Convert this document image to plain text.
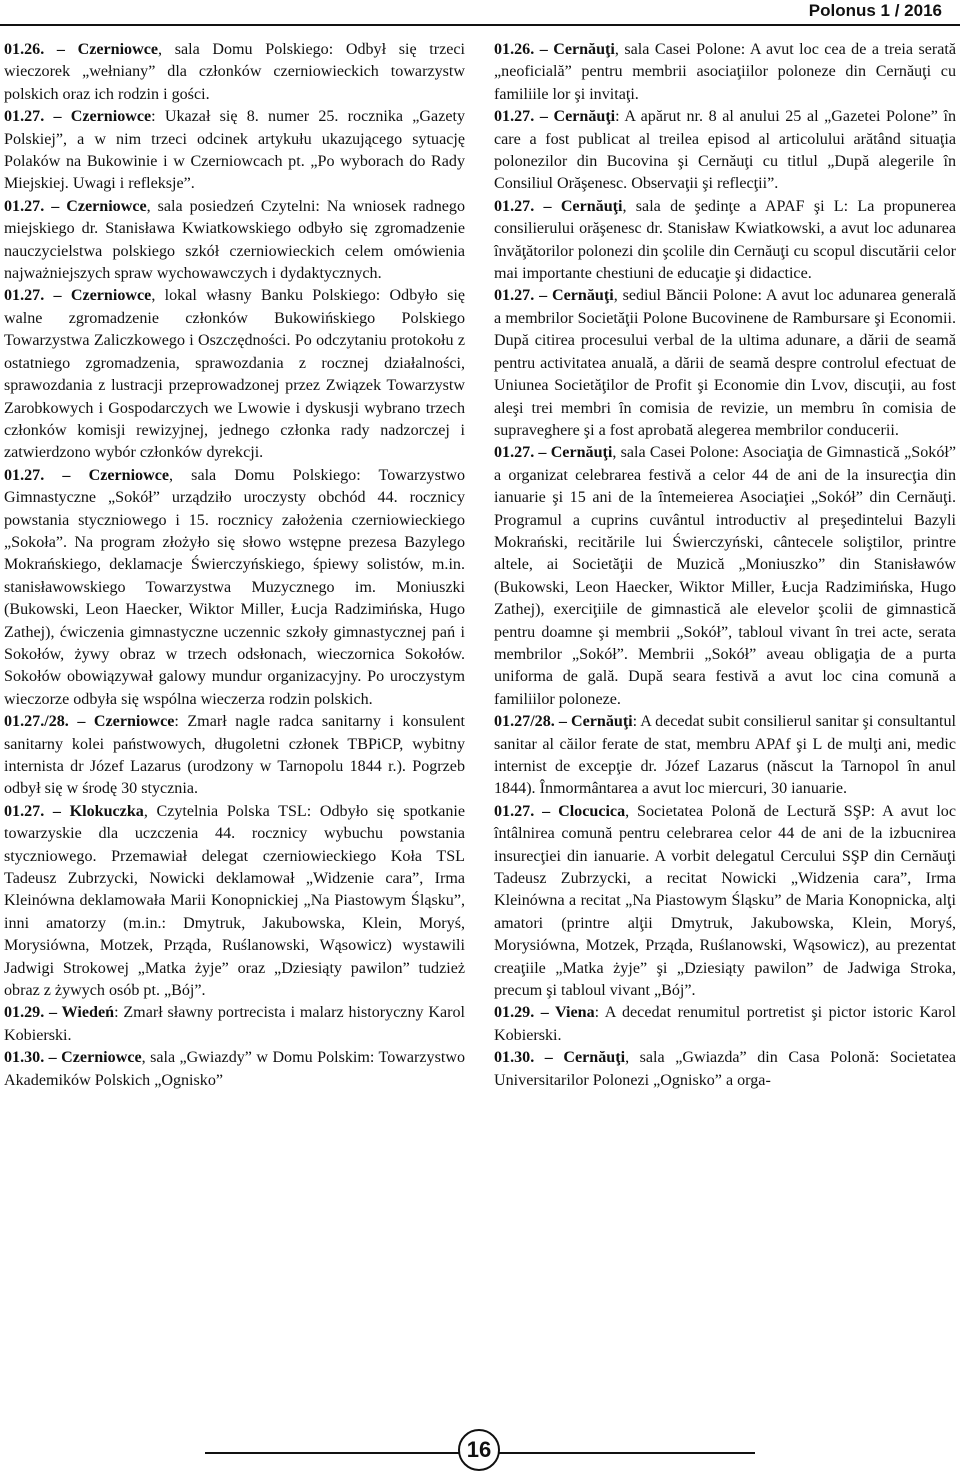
Polonus 1 / 2016

01.26. – Czerniowce, sala Domu Polskiego: Odbył się trzeci wieczorek „wełniany” dla członków czerniowieckich towarzystw polskich oraz ich rodzin i gości.

01.27. – Czerniowce: Ukazał się 8. numer 25. rocznika „Gazety Polskiej”, a w nim trzeci odcinek artykułu ukazującego sytuację Polaków na Bukowinie i w Czerniowcach pt. „Po wyborach do Rady Miejskiej. Uwagi i refleksje”.

01.27. – Czerniowce, sala posiedzeń Czytelni: Na wniosek radnego miejskiego dr. Stanisława Kwiatkowskiego odbyło się zgromadzenie nauczycielstwa polskiego szkół czerniowieckich celem omówienia najważniejszych spraw wychowawczych i dydaktycznych.

01.27. – Czerniowce, lokal własny Banku Polskiego: Odbyło się walne zgromadzenie członków Bukowińskiego Polskiego Towarzystwa Zaliczkowego i Oszczędności. Po odczytaniu protokołu z ostatniego zgromadzenia, sprawozdania z rocznej działalności, sprawozdania z lustracji przeprowadzonej przez Związek Towarzystw Zarobkowych i Gospodarczych we Lwowie i dyskusji wybrano trzech członków komisji rewizyjnej, jednego członka rady nadzorczej i zatwierdzono wybór członków dyrekcji.

01.27. – Czerniowce, sala Domu Polskiego: Towarzystwo Gimnastyczne „Sokół” urządziło uroczysty obchód 44. rocznicy powstania styczniowego i 15. rocznicy założenia czerniowieckiego „Sokoła”. Na program złożyło się słowo wstępne prezesa Bazylego Mokrańskiego, deklamacje Świerczyńskiego, śpiewy solistów, m.in. stanisławowskiego Towarzystwa Muzycznego im. Moniuszki (Bukowski, Leon Haecker, Wiktor Miller, Łucja Radzimińska, Hugo Zathej), ćwiczenia gimnastyczne uczennic szkoły gimnastycznej pań i Sokołów, żywy obraz w trzech odsłonach, wieczornica Sokołów. Sokołów obowiązywał galowy mundur organizacyjny. Po uroczystym wieczorze odbyła się wspólna wieczerza rodzin polskich.

01.27./28. – Czerniowce: Zmarł nagle radca sanitarny i konsulent sanitarny kolei państwowych, długoletni członek TBPiCP, wybitny internista dr Józef Lazarus (urodzony w Tarnopolu 1844 r.). Pogrzeb odbył się w środę 30 stycznia.

01.27. – Klokuczka, Czytelnia Polska TSL: Odbyło się spotkanie towarzyskie dla uczczenia 44. rocznicy wybuchu powstania styczniowego. Przemawiał delegat czerniowieckiego Koła TSL Tadeusz Zubrzycki, Nowicki deklamował „Widzenie cara”, Irma Kleinówna deklamowała Marii Konopnickiej „Na Piastowym Śląsku”, inni amatorzy (m.in.: Dmytruk, Jakubowska, Klein, Moryś, Morysiówna, Motzek, Prząda, Ruślanowski, Wąsowicz) wystawili Jadwigi Strokowej „Matka żyje” oraz „Dziesiąty pawilon” tudzież obraz z żywych osób pt. „Bój”.

01.29. – Wiedeń: Zmarł sławny portrecista i malarz historyczny Karol Kobierski.

01.30. – Czerniowce, sala „Gwiazdy” w Domu Polskim: Towarzystwo Akademików Polskich „Ognisko”

01.26. – Cernăuţi, sala Casei Polone: A avut loc cea de a treia serată „neoficială” pentru membrii asociaţiilor poloneze din Cernăuţi cu familiile lor şi invitaţi.

01.27. – Cernăuţi: A apărut nr. 8 al anului 25 al „Gazetei Polone” în care a fost publicat al treilea episod al articolului arătând situaţia polonezilor din Bucovina şi Cernăuţi cu titlul „După alegerile în Consiliul Orăşenesc. Observaţii şi reflecţii”.

01.27. – Cernăuţi, sala de şedinţe a APAF şi L: La propunerea consilierului orăşenesc dr. Stanisław Kwiatkowski, a avut loc adunarea învăţătorilor polonezi din şcolile din Cernăuţi cu scopul discutării celor mai importante chestiuni de educaţie şi didactice.

01.27. – Cernăuţi, sediul Băncii Polone: A avut loc adunarea generală a membrilor Societăţii Polone Bucovinene de Rambursare şi Economii. După citirea procesului verbal de la ultima adunare, a dării de seamă pentru activitatea anuală, a dării de seamă despre controlul efectuat de Uniunea Societăţilor de Profit şi Economie din Lvov, discuţii, au fost aleşi trei membri în comisia de revizie, un membru în comisia de supraveghere şi a fost aprobată alegerea membrilor conducerii.

01.27. – Cernăuţi, sala Casei Polone: Asociaţia de Gimnastică „Sokół” a organizat celebrarea festivă a celor 44 de ani de la insurecţia din ianuarie şi 15 ani de la întemeierea Asociaţiei „Sokół” din Cernăuţi. Programul a cuprins cuvântul introductiv al preşedintelui Bazyli Mokrański, recitările lui Świerczyński, cântecele soliştilor, printre altele, ai Societăţii de Muzică „Moniuszko” din Stanisławów (Bukowski, Leon Haecker, Wiktor Miller, Łucja Radzimińska, Hugo Zathej), exerciţiile de gimnastică ale elevelor şcolii de gimnastică pentru doamne şi membrii „Sokół”, tabloul vivant în trei acte, serata membrilor „Sokół”. Membrii „Sokół” aveau obligaţia de a purta uniforma de gală. După seara festivă a avut loc cina comună a familiilor poloneze.

01.27/28. – Cernăuţi: A decedat subit consilierul sanitar şi consultantul sanitar al căilor ferate de stat, membru APAf şi L de mulţi ani, medic internist de excepţie dr. Józef Lazarus (născut la Tarnopol în anul 1844). Înmormântarea a avut loc miercuri, 30 ianuarie.

01.27. – Clocucica, Societatea Polonă de Lectură SŞP: A avut loc întâlnirea comună pentru celebrarea celor 44 de ani de la izbucnirea insurecţiei din ianuarie. A vorbit delegatul Cercului SŞP din Cernăuţi Tadeusz Zubrzycki, a recitat Nowicki „Widzenia cara”, Irma Kleinówna a recitat „Na Piastowym Śląsku” de Maria Konopnicka, alţi amatori (printre alţii Dmytruk, Jakubowska, Klein, Moryś, Morysiówna, Motzek, Prząda, Ruślanowski, Wąsowicz), au prezentat creaţiile „Matka żyje” şi „Dziesiąty pawilon” de Jadwiga Stroka, precum şi tabloul vivant „Bój”.

01.29. – Viena: A decedat renumitul portretist şi pictor istoric Karol Kobierski.

01.30. – Cernăuţi, sala „Gwiazda” din Casa Polonă: Societatea Universitarilor Polonezi „Ognisko” a orga-

16
